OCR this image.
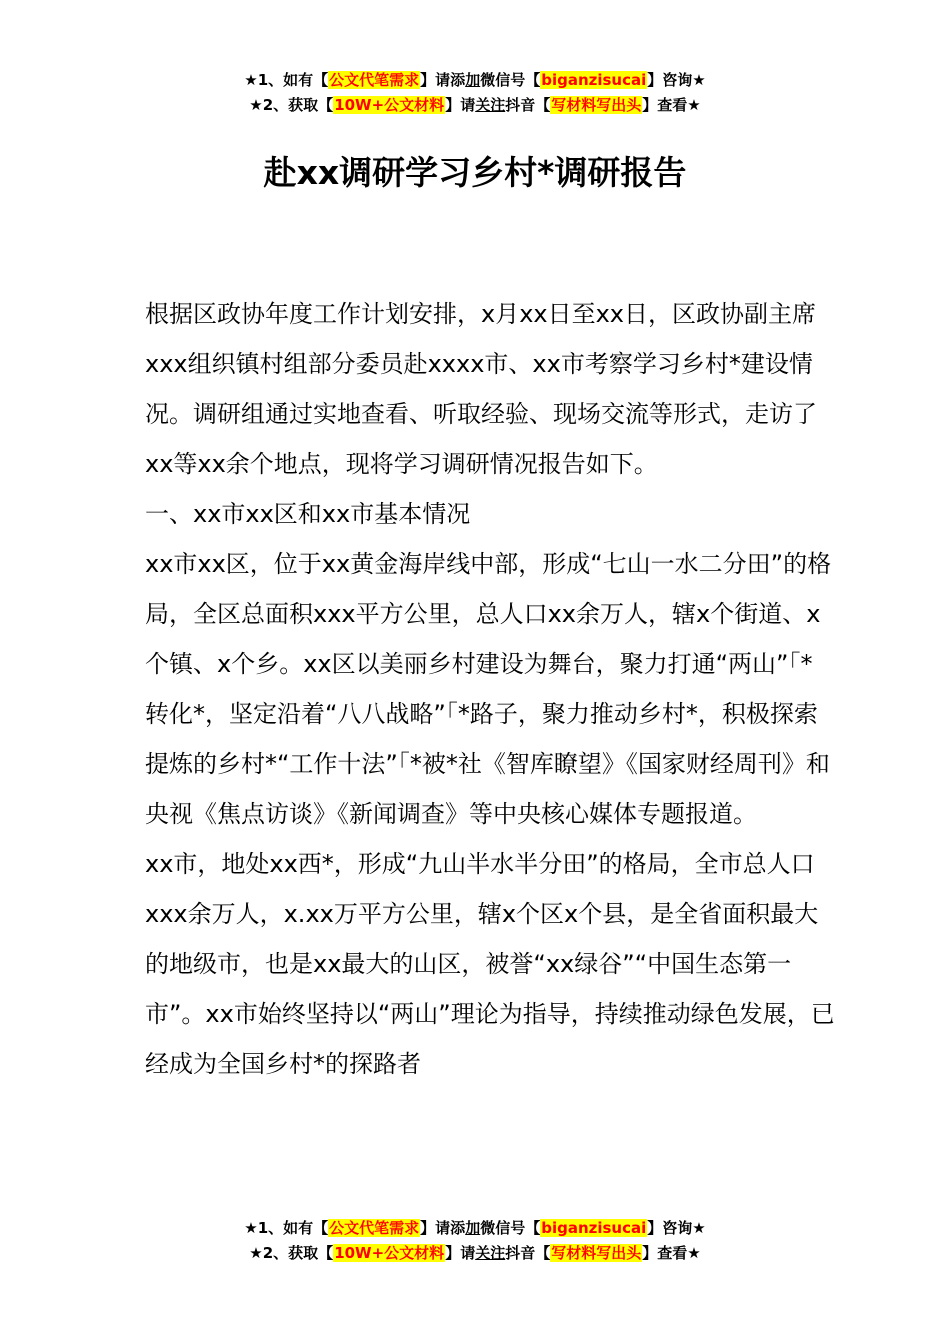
★1、如有【公文代笔需求】请添加微信号【biganzisucai】咨询★
★2、获取【10W+公文材料】请关注抖音【写材料写出头】查看★
赴xx调研学习乡村*调研报告

根据区政协年度工作计划安排，x月xx日至xx日，区政协副主席xxx组织镇村组部分委员赴xxxx市、xx市考察学习乡村*建设情况。调研组通过实地查看、听取经验、现场交流等形式，走访了xx等xx余个地点，现将学习调研情况报告如下。

一、xx市xx区和xx市基本情况

xx市xx区，位于xx黄金海岸线中部，形成“七山一水二分田”的格局，全区总面积xxx平方公里，总人口xx余万人，辖x个街道、x个镇、x个乡。xx区以美丽乡村建设为舞台，聚力打通“两山”「*转化*，坚定沿着“八八战略”「*路子，聚力推动乡村*，积极探索提炼的乡村*“工作十法”「*被*社《智库瞭望》《国家财经周刊》和央视《焦点访谈》《新闻调查》等中央核心媒体专题报道。

xx市，地处xx西*，形成“九山半水半分田”的格局，全市总人口xxx余万人，x.xx万平方公里，辖x个区x个县，是全省面积最大的地级市，也是xx最大的山区，被誉“xx绿谷”“中国生态第一市”。xx市始终坚持以“两山”理论为指导，持续推动绿色发展，已经成为全国乡村*的探路者

★1、如有【公文代笔需求】请添加微信号【biganzisucai】咨询★
★2、获取【10W+公文材料】请关注抖音【写材料写出头】查看★
